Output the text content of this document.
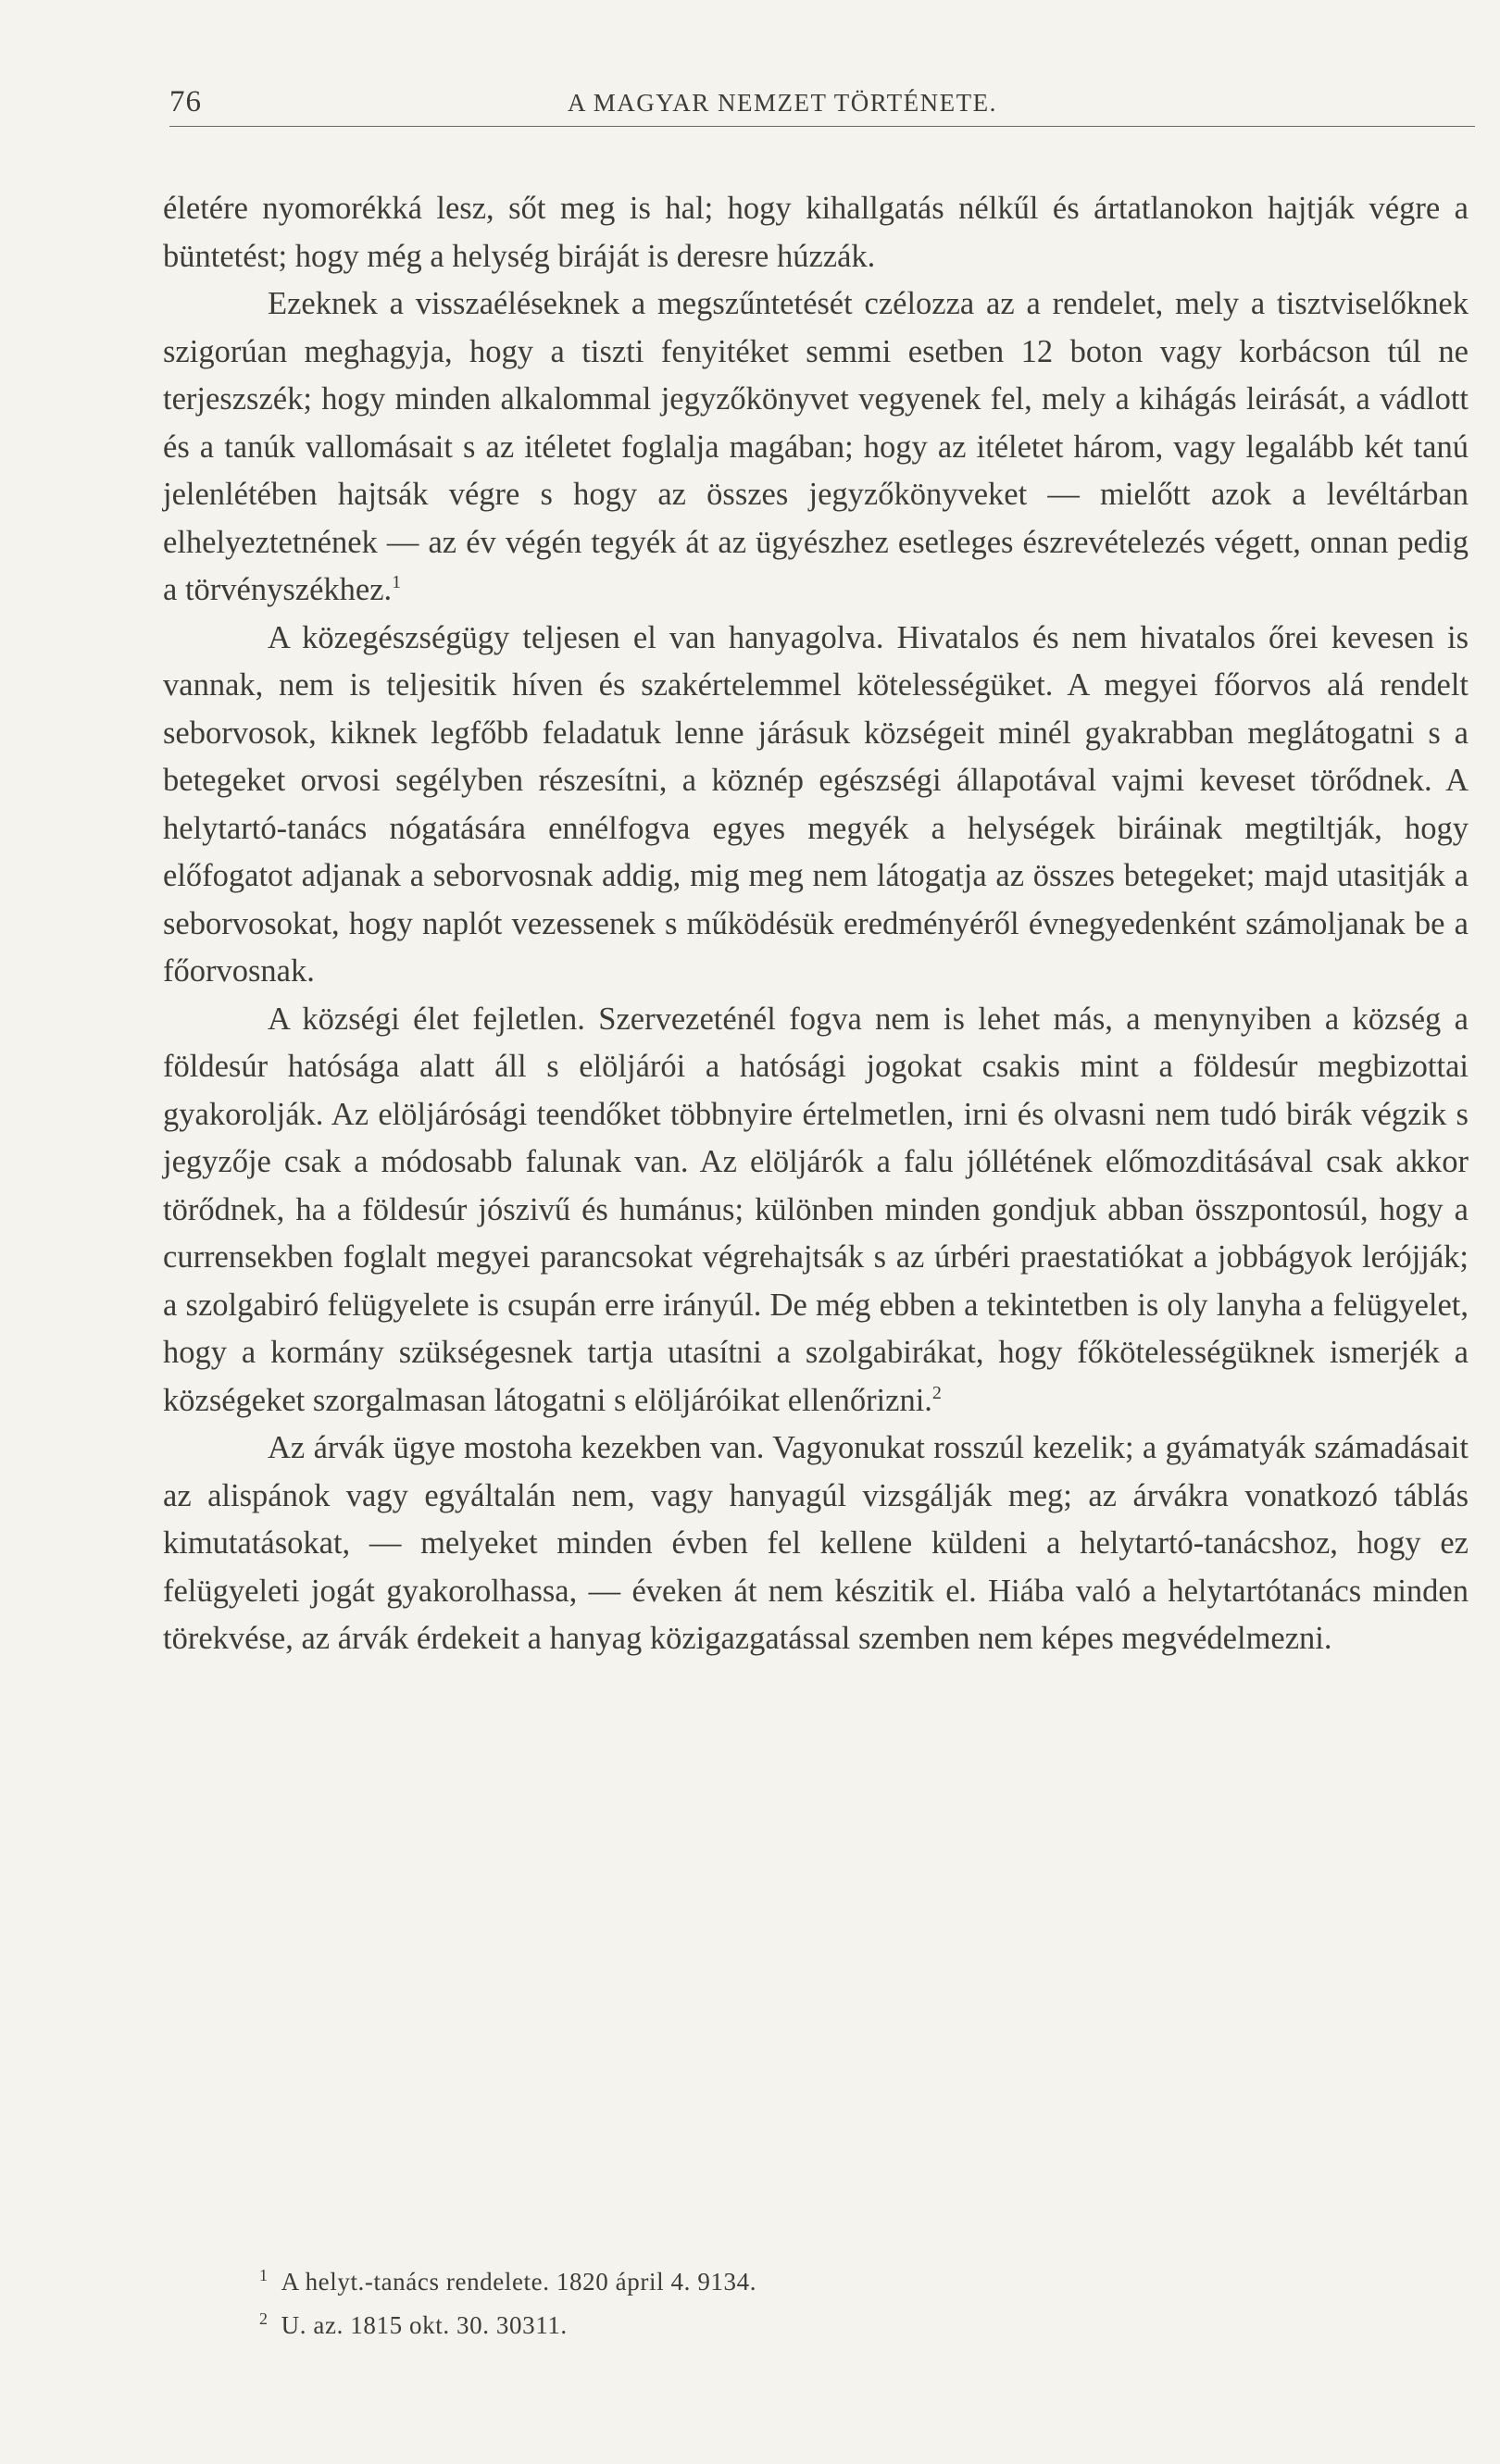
76	A MAGYAR NEMZET TÖRTÉNETE.

életére nyomorékká lesz, sőt meg is hal; hogy kihallgatás nélkűl és ártatlanokon hajtják végre a büntetést; hogy még a helység biráját is deresre húzzák.

Ezeknek a visszaéléseknek a megszűntetését czélozza az a rendelet, mely a tisztviselőknek szigorúan meghagyja, hogy a tiszti fenyitéket semmi esetben 12 boton vagy korbácson túl ne terjeszszék; hogy minden alkalommal jegyzőkönyvet vegyenek fel, mely a kihágás leirását, a vádlott és a tanúk vallomásait s az itéletet foglalja magában; hogy az itéletet három, vagy legalább két tanú jelenlétében hajtsák végre s hogy az összes jegyzőkönyveket — mielőtt azok a levéltárban elhelyeztetnének — az év végén tegyék át az ügyészhez esetleges észrevételezés végett, onnan pedig a törvényszékhez.$^1$

A közegészségügy teljesen el van hanyagolva. Hivatalos és nem hivatalos őrei kevesen is vannak, nem is teljesitik híven és szakértelemmel kötelességüket. A megyei főorvos alá rendelt seborvosok, kiknek legfőbb feladatuk lenne járásuk községeit minél gyakrabban meglátogatni s a betegeket orvosi segélyben részesítni, a köznép egészségi állapotával vajmi keveset törődnek. A helytartó-tanács nógatására ennélfogva egyes megyék a helységek biráinak megtiltják, hogy előfogatot adjanak a seborvosnak addig, mig meg nem látogatja az összes betegeket; majd utasitják a seborvosokat, hogy naplót vezessenek s működésük eredményéről évnegyedenként számoljanak be a főorvosnak.

A községi élet fejletlen. Szervezeténél fogva nem is lehet más, a menynyiben a község a földesúr hatósága alatt áll s elöljárói a hatósági jogokat csakis mint a földesúr megbizottai gyakorolják. Az elöljárósági teendőket többnyire értelmetlen, irni és olvasni nem tudó birák végzik s jegyzője csak a módosabb falunak van. Az elöljárók a falu jóllétének előmozditásával csak akkor törődnek, ha a földesúr jószivű és humánus; különben minden gondjuk abban összpontosúl, hogy a currensekben foglalt megyei parancsokat végrehajtsák s az úrbéri praestatiókat a jobbágyok lerójják; a szolgabiró felügyelete is csupán erre irányúl. De még ebben a tekintetben is oly lanyha a felügyelet, hogy a kormány szükségesnek tartja utasítni a szolgabirákat, hogy főkötelességüknek ismerjék a községeket szorgalmasan látogatni s elöljáróikat ellenőrizni.$^2$

Az árvák ügye mostoha kezekben van. Vagyonukat rosszúl kezelik; a gyámatyák számadásait az alispánok vagy egyáltalán nem, vagy hanyagúl vizsgálják meg; az árvákra vonatkozó táblás kimutatásokat, — melyeket minden évben fel kellene küldeni a helytartó-tanácshoz, hogy ez felügyeleti jogát gyakorolhassa, — éveken át nem készitik el. Hiába való a helytartótanács minden törekvése, az árvák érdekeit a hanyag közigazgatással szemben nem képes megvédelmezni.

$^1$ A helyt.-tanács rendelete. 1820 ápril 4. 9134.

$^2$ U. az. 1815 okt. 30. 30311.
